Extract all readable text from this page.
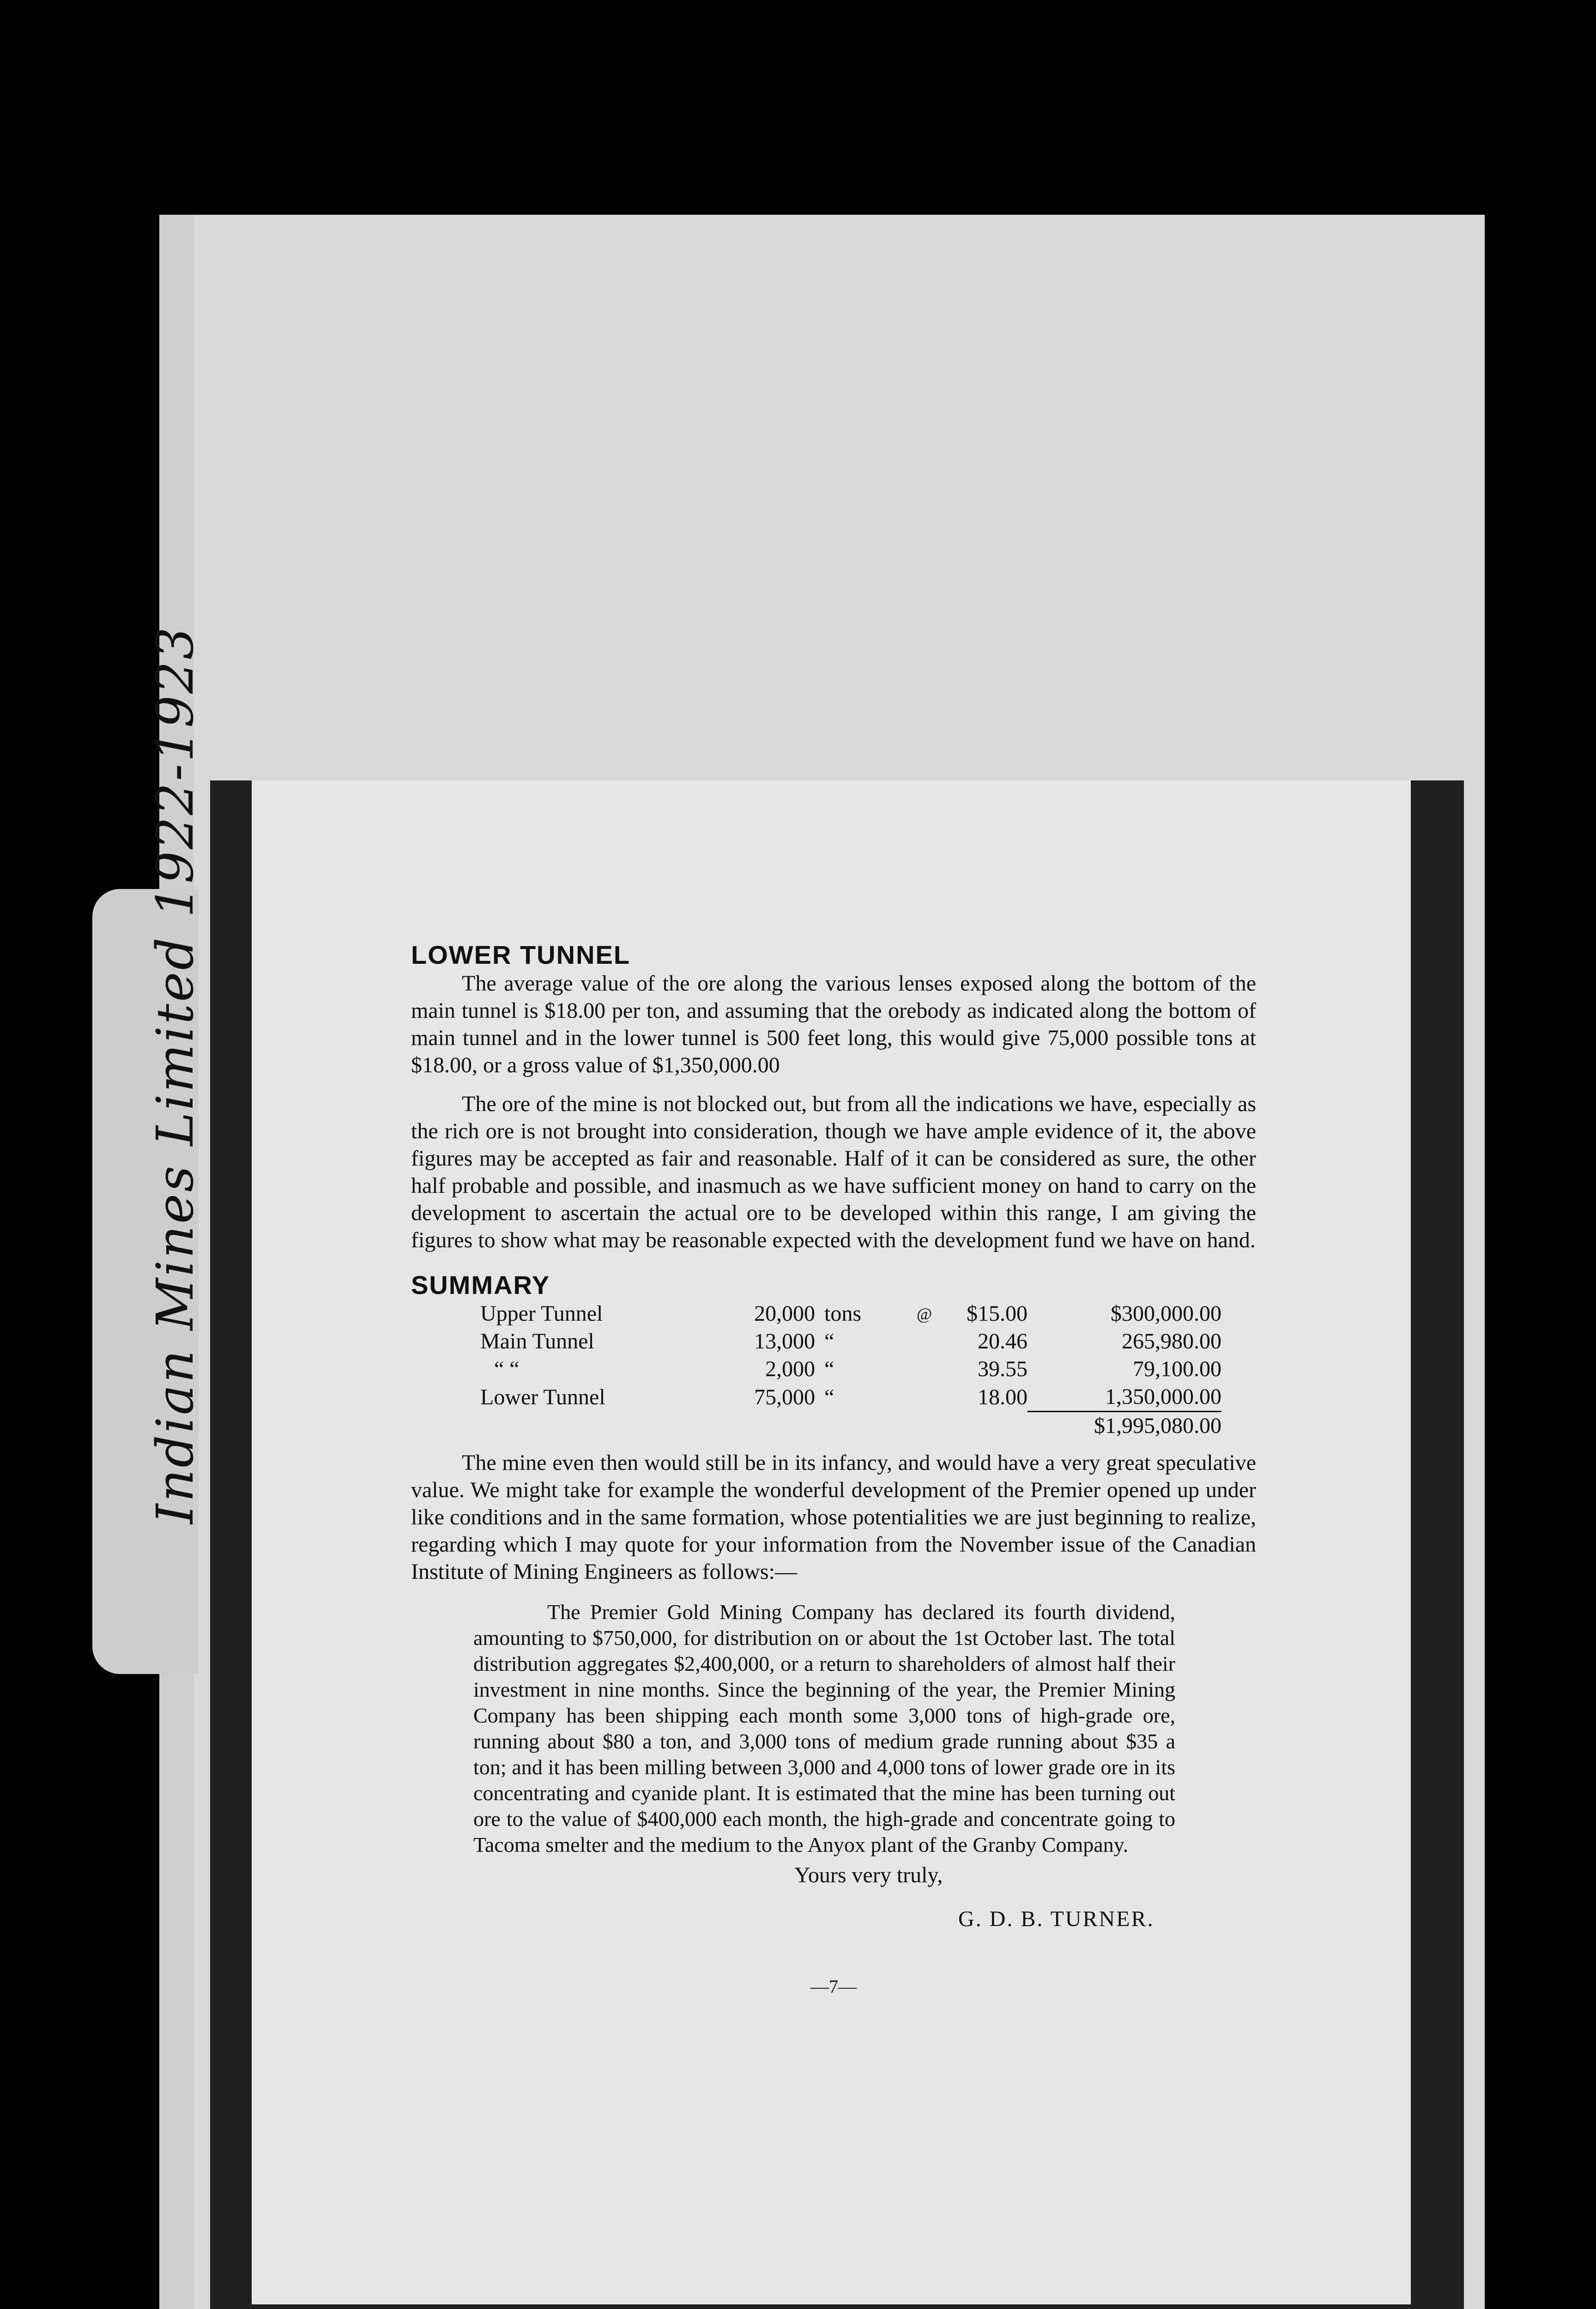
Indian Mines Limited 1922-1923	LOWER TUNNEL

The average value of the ore along the various lenses exposed along the bottom of the main tunnel is $18.00 per ton, and assuming that the orebody as indicated along the bottom of main tunnel and in the lower tunnel is 500 feet long, this would give 75,000 possible tons at $18.00, or a gross value of $1,350,000.00

The ore of the mine is not blocked out, but from all the indications we have, especially as the rich ore is not brought into consideration, though we have ample evidence of it, the above figures may be accepted as fair and reasonable. Half of it can be considered as sure, the other half probable and possible, and inasmuch as we have sufficient money on hand to carry on the development to ascertain the actual ore to be developed within this range, I am giving the figures to show what may be reasonable expected with the development fund we have on hand.

SUMMARY
Upper Tunnel	20,000	tons	@	$15.00	$300,000.00
Main Tunnel	13,000	“		20.46	265,980.00
“ “	2,000	“		39.55	79,100.00
Lower Tunnel	75,000	“		18.00	1,350,000.00
					$1,995,080.00

The mine even then would still be in its infancy, and would have a very great speculative value. We might take for example the wonderful development of the Premier opened up under like conditions and in the same formation, whose potentialities we are just beginning to realize, regarding which I may quote for your information from the November issue of the Canadian Institute of Mining Engineers as follows:—

The Premier Gold Mining Company has declared its fourth dividend, amounting to $750,000, for distribution on or about the 1st October last. The total distribution aggregates $2,400,000, or a return to shareholders of almost half their investment in nine months. Since the beginning of the year, the Premier Mining Company has been shipping each month some 3,000 tons of high-grade ore, running about $80 a ton, and 3,000 tons of medium grade running about $35 a ton; and it has been milling between 3,000 and 4,000 tons of lower grade ore in its concentrating and cyanide plant. It is estimated that the mine has been turning out ore to the value of $400,000 each month, the high-grade and concentrate going to Tacoma smelter and the medium to the Anyox plant of the Granby Company.

Yours very truly,
G. D. B. TURNER.
—7—
